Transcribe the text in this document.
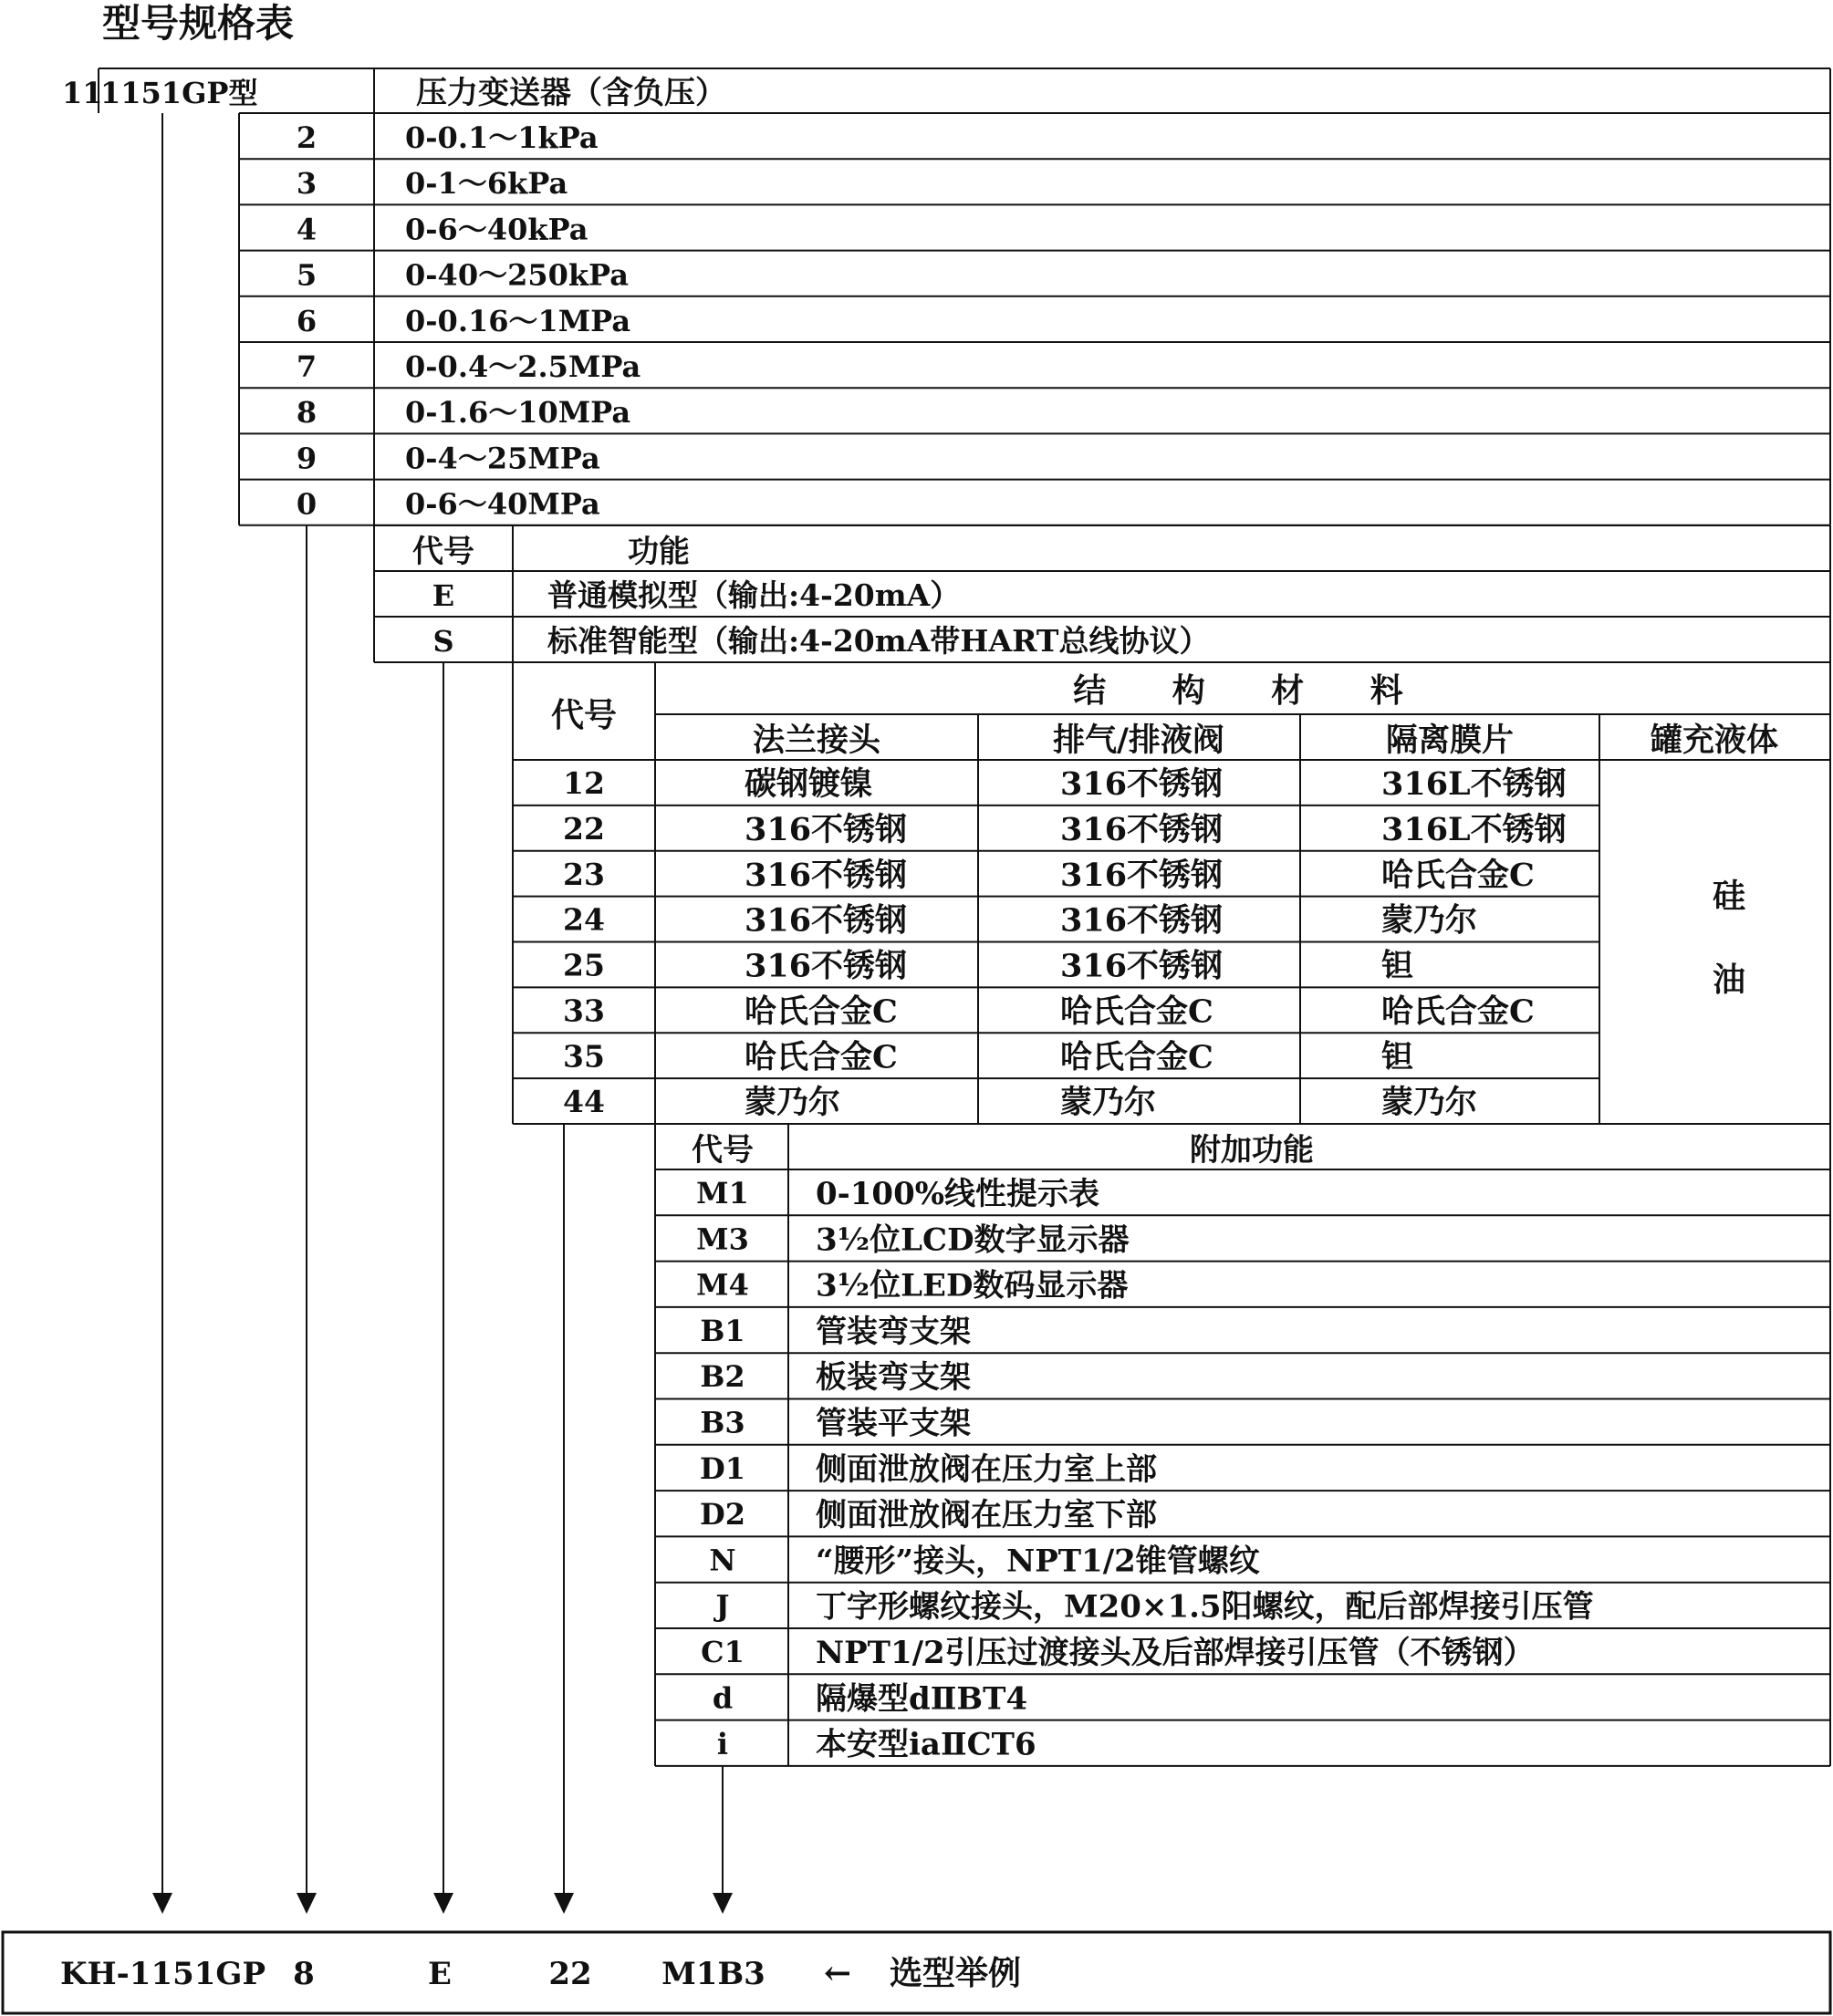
型号规格表
11
1151GP型	压力变送器（含负压）
2	0-0.1～1kPa
3	0-1～6kPa
4	0-6～40kPa
5	0-40～250kPa
6	0-0.16～1MPa
7	0-0.4～2.5MPa
8	0-1.6～10MPa
9	0-4～25MPa
0	0-6～40MPa
代号	功能
E	普通模拟型（输出:4-20mA）
S	标准智能型（输出:4-20mA带HART总线协议）
代号
结 构 材 料
法兰接头	排气/排液阀	隔离膜片	罐充液体
硅
油
12	碳钢镀镍	316不锈钢	316L不锈钢
22	316不锈钢	316不锈钢	316L不锈钢
23	316不锈钢	316不锈钢	哈氏合金C
24	316不锈钢	316不锈钢	蒙乃尔
25	316不锈钢	316不锈钢	钽
33	哈氏合金C	哈氏合金C	哈氏合金C
35	哈氏合金C	哈氏合金C	钽
44	蒙乃尔	蒙乃尔	蒙乃尔
代号	附加功能
M1 0-100%线性提示表
M3 3½位LCD数字显示器
M4 3½位LED数码显示器
B1 管装弯支架
B2 板装弯支架
B3 管装平支架
D1 侧面泄放阀在压力室上部
D2 侧面泄放阀在压力室下部
N	“腰形”接头，NPT1/2锥管螺纹
J	丁字形螺纹接头，M20×1.5阳螺纹，配后部焊接引压管
C1 NPT1/2引压过渡接头及后部焊接引压管（不锈钢）
d	隔爆型dⅡBT4
i	本安型iaⅡCT6
KH-1151GP 8	E	22 M1B3 ← 选型举例
